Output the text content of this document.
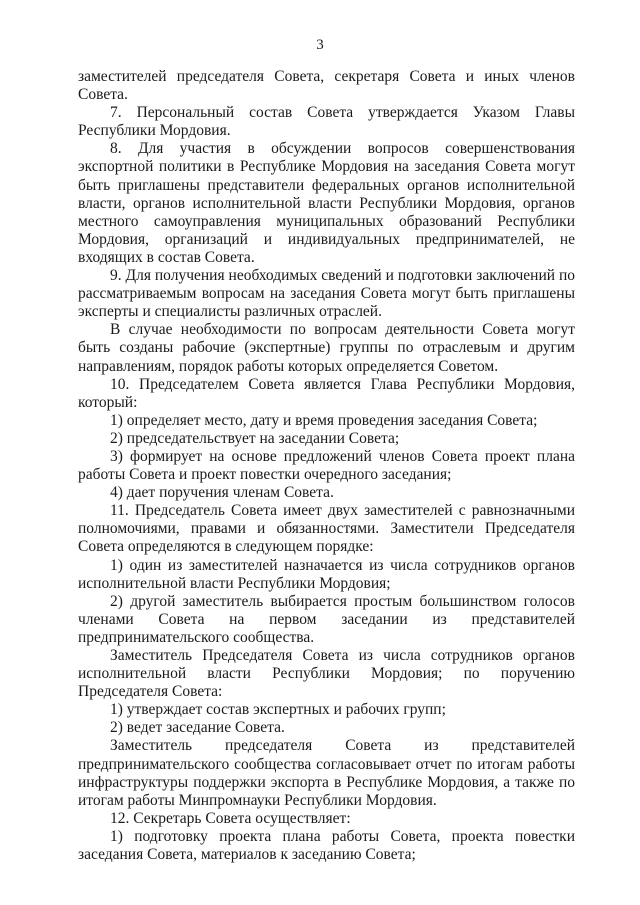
3

заместителей председателя Совета, секретаря Совета и иных членов Совета.

7. Персональный состав Совета утверждается Указом Главы Республики Мордовия.

8. Для участия в обсуждении вопросов совершенствования экспортной политики в Республике Мордовия на заседания Совета могут быть приглашены представители федеральных органов исполнительной власти, органов исполнительной власти Республики Мордовия, органов местного самоуправления муниципальных образований Республики Мордовия, организаций и индивидуальных предпринимателей, не входящих в состав Совета.

9. Для получения необходимых сведений и подготовки заключений по рассматриваемым вопросам на заседания Совета могут быть приглашены эксперты и специалисты различных отраслей.

В случае необходимости по вопросам деятельности Совета могут быть созданы рабочие (экспертные) группы по отраслевым и другим направлениям, порядок работы которых определяется Советом.

10. Председателем Совета является Глава Республики Мордовия, который:

1) определяет место, дату и время проведения заседания Совета;

2) председательствует на заседании Совета;

3) формирует на основе предложений членов Совета проект плана работы Совета и проект повестки очередного заседания;

4) дает поручения членам Совета.

11. Председатель Совета имеет двух заместителей с равнозначными полномочиями, правами и обязанностями. Заместители Председателя Совета определяются в следующем порядке:

1) один из заместителей назначается из числа сотрудников органов исполнительной власти Республики Мордовия;

2) другой заместитель выбирается простым большинством голосов членами Совета на первом заседании из представителей предпринимательского сообщества.

Заместитель Председателя Совета из числа сотрудников органов исполнительной власти Республики Мордовия; по поручению Председателя Совета:

1) утверждает состав экспертных и рабочих групп;

2) ведет заседание Совета.

Заместитель председателя Совета из представителей предпринимательского сообщества согласовывает отчет по итогам работы инфраструктуры поддержки экспорта в Республике Мордовия, а также по итогам работы Минпромнауки Республики Мордовия.

12. Секретарь Совета осуществляет:

1) подготовку проекта плана работы Совета, проекта повестки заседания Совета, материалов к заседанию Совета;
